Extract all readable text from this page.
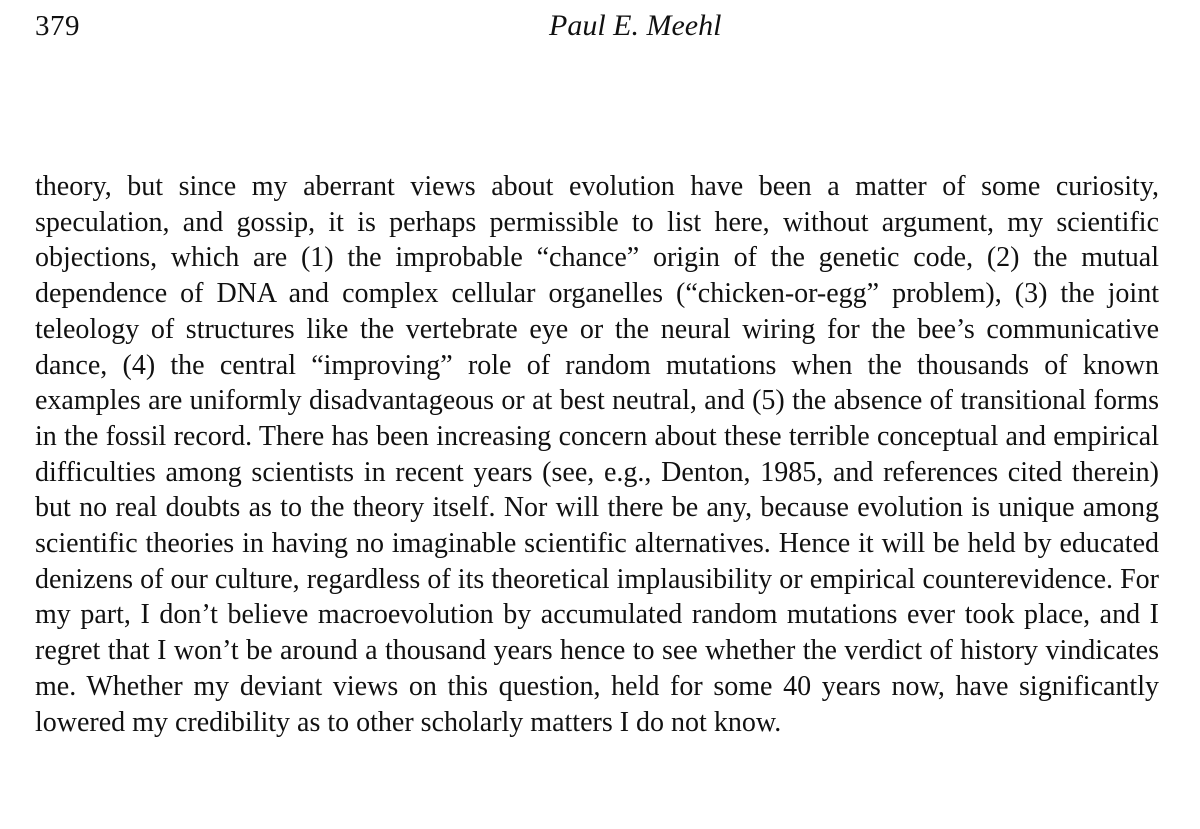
379	Paul E. Meehl

theory, but since my aberrant views about evolution have been a matter of some curiosity, speculation, and gossip, it is perhaps permissible to list here, without argument, my scientific objections, which are (1) the improbable “chance” origin of the genetic code, (2) the mutual dependence of DNA and complex cellular organelles (“chicken-or-egg” problem), (3) the joint teleology of structures like the vertebrate eye or the neural wiring for the bee’s communicative dance, (4) the central “improving” role of random mutations when the thousands of known examples are uniformly disadvantageous or at best neutral, and (5) the absence of transitional forms in the fossil record. There has been increasing concern about these terrible conceptual and empirical difficulties among scientists in recent years (see, e.g., Denton, 1985, and references cited therein) but no real doubts as to the theory itself. Nor will there be any, because evolution is unique among scientific theories in having no imaginable scientific alternatives. Hence it will be held by educated denizens of our culture, regardless of its theoretical implausibility or empirical counterevidence. For my part, I don’t believe macroevolution by accumulated random mutations ever took place, and I regret that I won’t be around a thousand years hence to see whether the verdict of history vindicates me. Whether my deviant views on this question, held for some 40 years now, have significantly lowered my credibility as to other scholarly matters I do not know.
